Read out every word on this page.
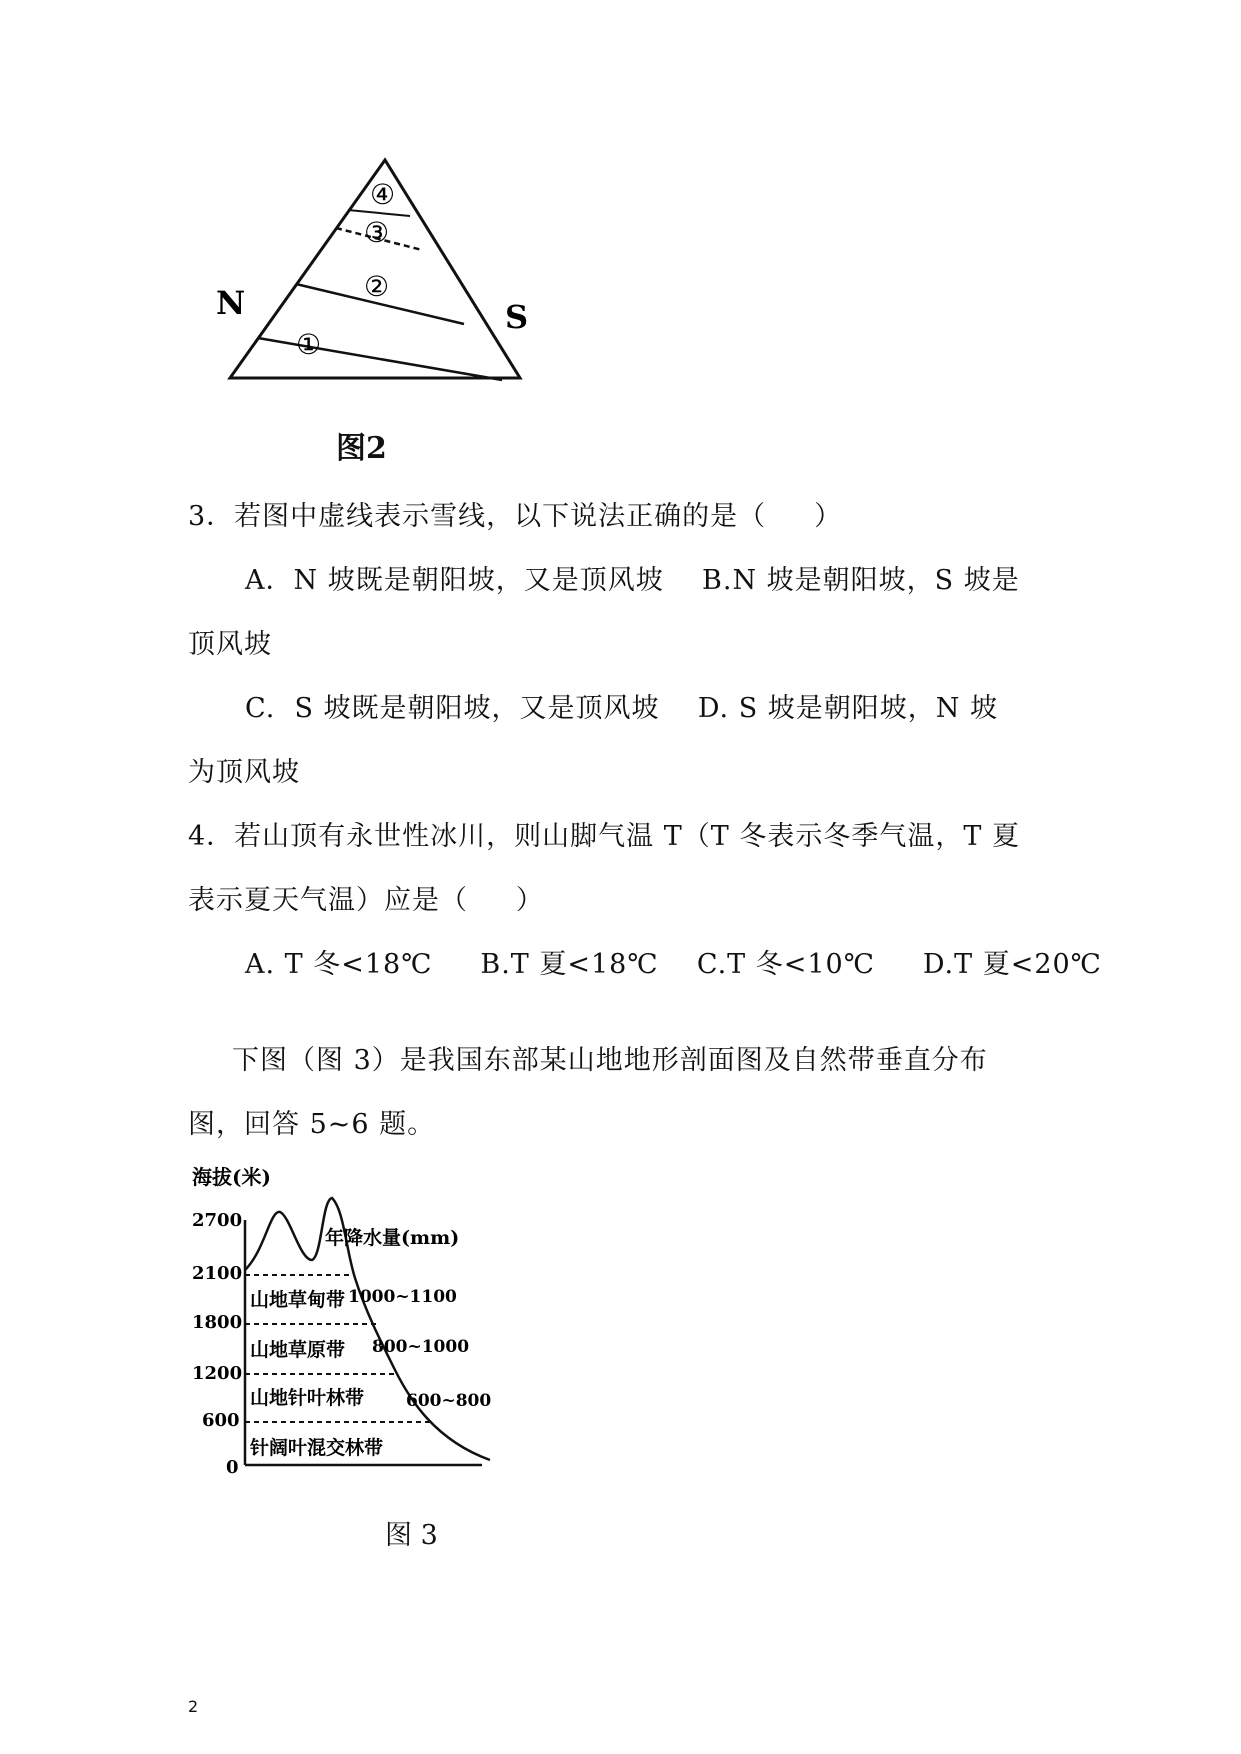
N	S
④
③
②
①
图2
3．若图中虚线表示雪线，以下说法正确的是（     ）
A．N 坡既是朝阳坡，又是顶风坡    B.N 坡是朝阳坡，S 坡是
顶风坡
C.  S 坡既是朝阳坡，又是顶风坡    D. S 坡是朝阳坡，N 坡
为顶风坡
4．若山顶有永世性冰川，则山脚气温 T（T 冬表示冬季气温，T 夏
表示夏天气温）应是（     ）
A. T 冬<18℃     B.T 夏<18℃    C.T 冬<10℃     D.T 夏<20℃
下图（图 3）是我国东部某山地地形剖面图及自然带垂直分布
图，回答 5~6 题。
海拔(米)
2700
2100
1800
1200
600
0
山地草甸带
山地草原带
山地针叶林带
针阔叶混交林带
年降水量(mm)
1000~1100
800~1000
600~800
图 3
2
